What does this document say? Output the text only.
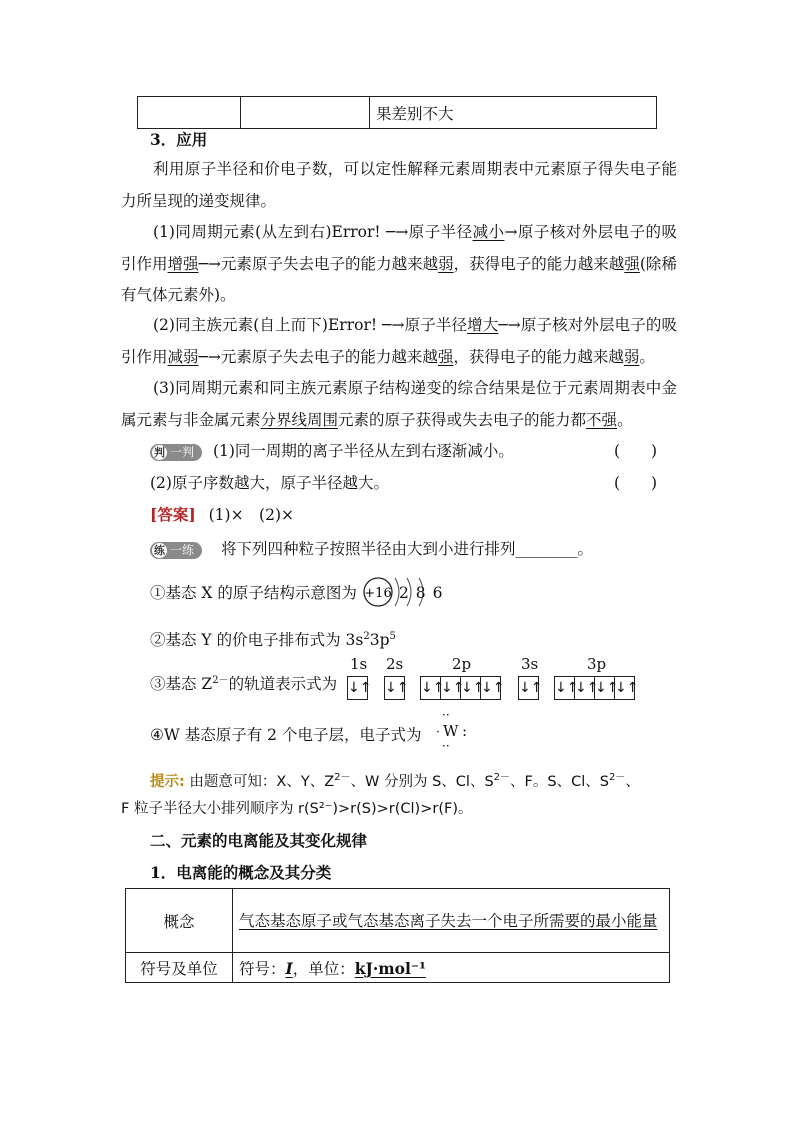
		果差别不大
3．应用
利用原子半径和价电子数，可以定性解释元素周期表中元素原子得失电子能力所呈现的递变规律。
(1)同周期元素(从左到右)Error! ─→原子半径减小→原子核对外层电子的吸引作用增强─→元素原子失去电子的能力越来越弱，获得电子的能力越来越强(除稀有气体元素外)。
(2)同主族元素(自上而下)Error! ─→原子半径增大─→原子核对外层电子的吸引作用减弱─→元素原子失去电子的能力越来越强，获得电子的能力越来越弱。
(3)同周期元素和同主族元素原子结构递变的综合结果是位于元素周期表中金属元素与非金属元素分界线周围元素的原子获得或失去电子的能力都不强。
判 一判 (1)同一周期的离子半径从左到右逐渐减小。	(　　)
(2)原子序数越大，原子半径越大。	(　　)
[答案] (1)×　(2)×
练 一练 将下列四种粒子按照半径由大到小进行排列________。
①基态 X 的原子结构示意图为 +16 2 8 6
②基态 Y 的价电子排布式为 $3s^23p^5$
③基态 $Z^{2-}$的轨道表示式为
1s 2s	2p	3s	3p
↓↑ ↓↑ ↓↑
↓↑
↓↑
↓↑ ↓↑ ↓↑
↓↑
↓↑
↓↑
④W 基态原子有 2 个电子层，电子式为
··
· W :
··
提示: 由题意可知：X、Y、$Z^{2-}$、W 分别为 S、Cl、$S^{2-}$、F。S、Cl、$S^{2-}$、
F 粒子半径大小排列顺序为 r(S²⁻)>r(S)>r(Cl)>r(F)。
二、元素的电离能及其变化规律
1．电离能的概念及其分类
概念	气态基态原子或气态基态离子失去一个电子所需要的最小能量
符号及单位	符号：I，单位：kJ·mol⁻¹
